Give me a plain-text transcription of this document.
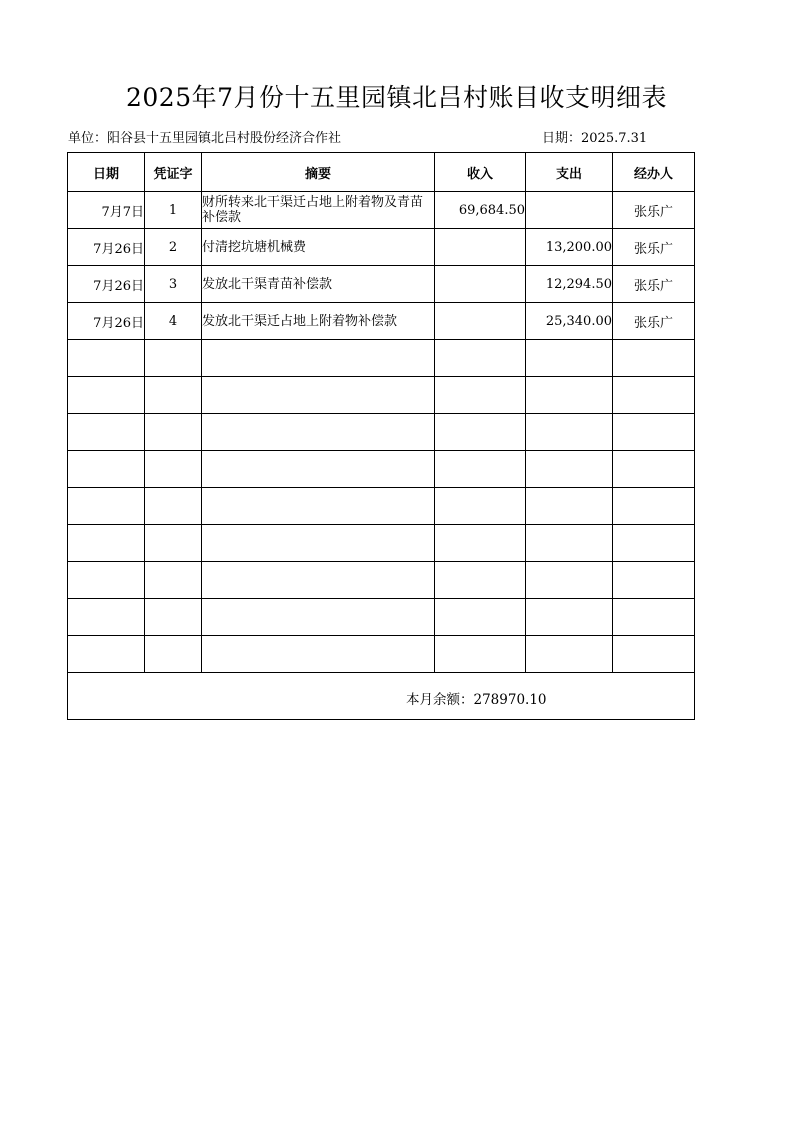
2025年7月份十五里园镇北吕村账目收支明细表
单位：阳谷县十五里园镇北吕村股份经济合作社	日期：2025.7.31
日期	凭证字	摘要	收入	支出	经办人
7月7日	1	财所转来北干渠迁占地上附着物及青苗补偿款	69,684.50		张乐广
7月26日	2	付清挖坑塘机械费		13,200.00	张乐广
7月26日	3	发放北干渠青苗补偿款		12,294.50	张乐广
7月26日	4	发放北干渠迁占地上附着物补偿款		25,340.00	张乐广

本月余额：278970.10					
